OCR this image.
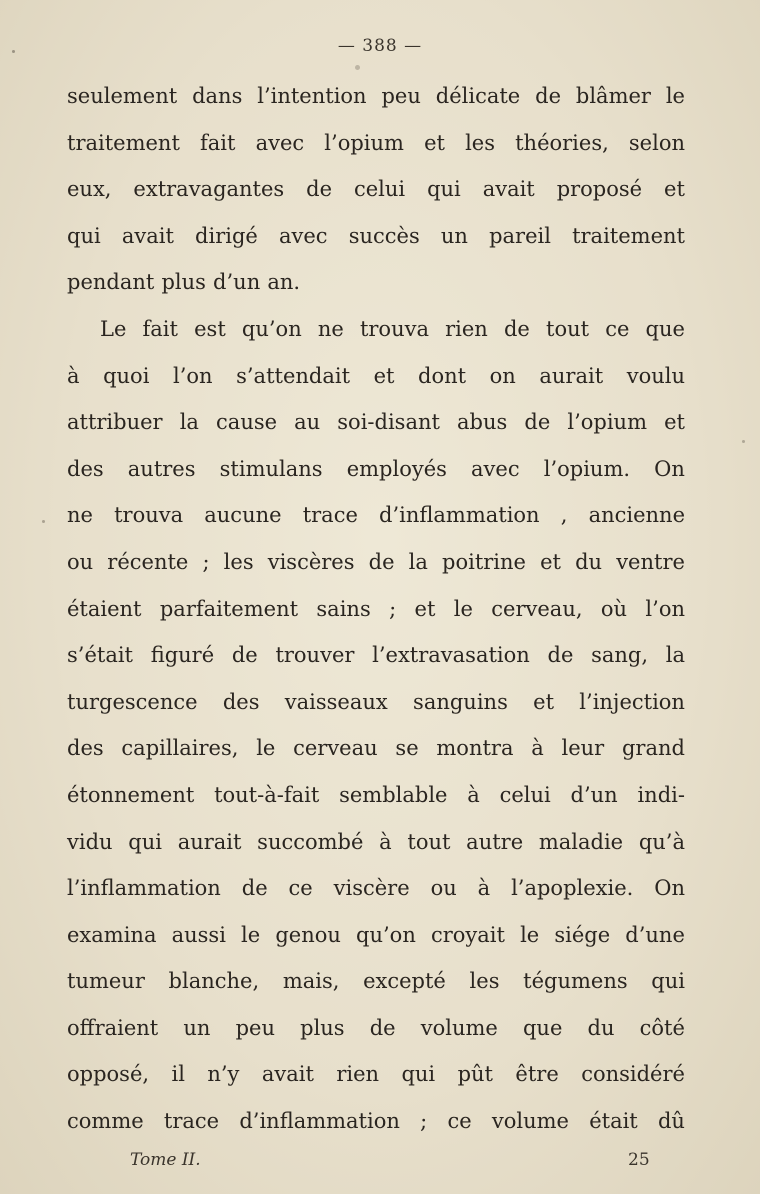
— 388 —
seulement dans l’intention peu délicate de blâmer le
traitement fait avec l’opium et les théories, selon
eux, extravagantes de celui qui avait proposé et
qui avait dirigé avec succès un pareil traitement
pendant plus d’un an.
Le fait est qu’on ne trouva rien de tout ce que
à quoi l’on s’attendait et dont on aurait voulu
attribuer la cause au soi-disant abus de l’opium et
des autres stimulans employés avec l’opium. On
ne trouva aucune trace d’inflammation , ancienne
ou récente ; les viscères de la poitrine et du ventre
étaient parfaitement sains ; et le cerveau, où l’on
s’était figuré de trouver l’extravasation de sang, la
turgescence des vaisseaux sanguins et l’injection
des capillaires, le cerveau se montra à leur grand
étonnement tout-à-fait semblable à celui d’un indi-
vidu qui aurait succombé à tout autre maladie qu’à
l’inflammation de ce viscère ou à l’apoplexie. On
examina aussi le genou qu’on croyait le siége d’une
tumeur blanche, mais, excepté les tégumens qui
offraient un peu plus de volume que du côté
opposé, il n’y avait rien qui pût être considéré
comme trace d’inflammation ; ce volume était dû
Tome II.	25
